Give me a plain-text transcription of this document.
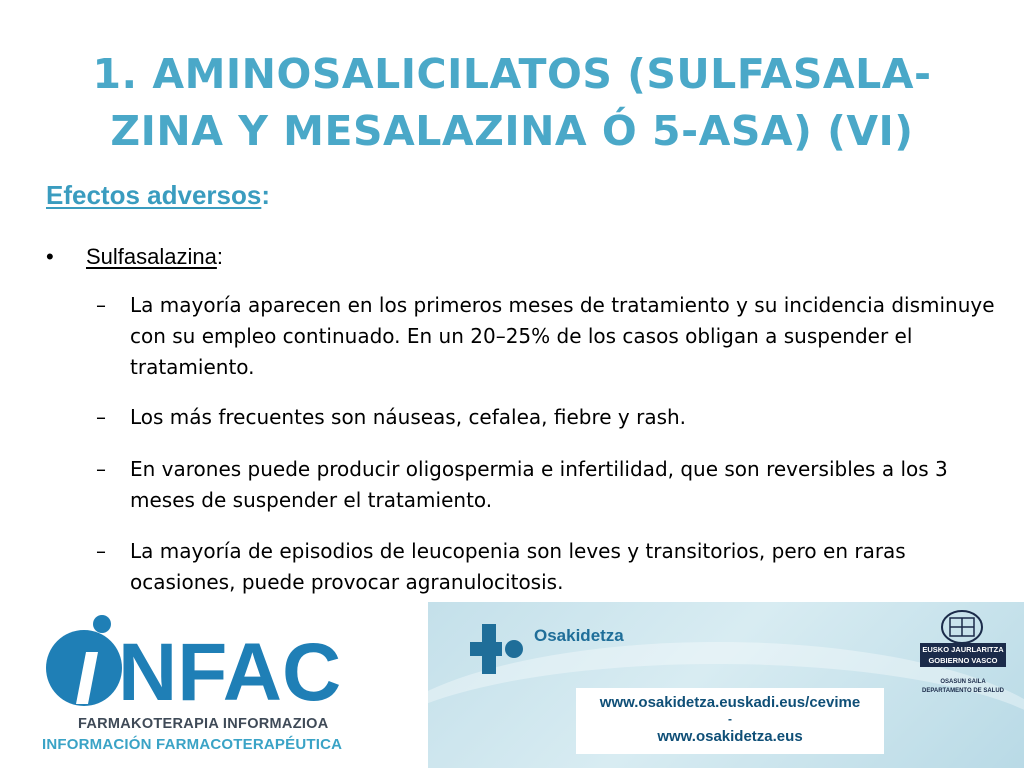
1. AMINOSALICILATOS (SULFASALA-
ZINA Y MESALAZINA Ó 5-ASA) (VI)
Efectos adversos:
•	Sulfasalazina:
–	La mayoría aparecen en los primeros meses de tratamiento y su incidencia disminuye con su empleo continuado. En un 20–25% de los casos obligan a suspender el tratamiento.
–	Los más frecuentes son náuseas, cefalea, fiebre y rash.
–	En varones puede producir oligospermia e infertilidad, que son reversibles a los 3 meses de suspender el tratamiento.
–	La mayoría de episodios de leucopenia son leves y transitorios, pero en raras ocasiones, puede provocar agranulocitosis.
NFAC
FARMAKOTERAPIA INFORMAZIOA
INFORMACIÓN FARMACOTERAPÉUTICA
Osakidetza
www.osakidetza.euskadi.eus/cevime
-
www.osakidetza.eus
EUSKO JAURLARITZA
GOBIERNO VASCO
OSASUN SAILA
DEPARTAMENTO DE SALUD
